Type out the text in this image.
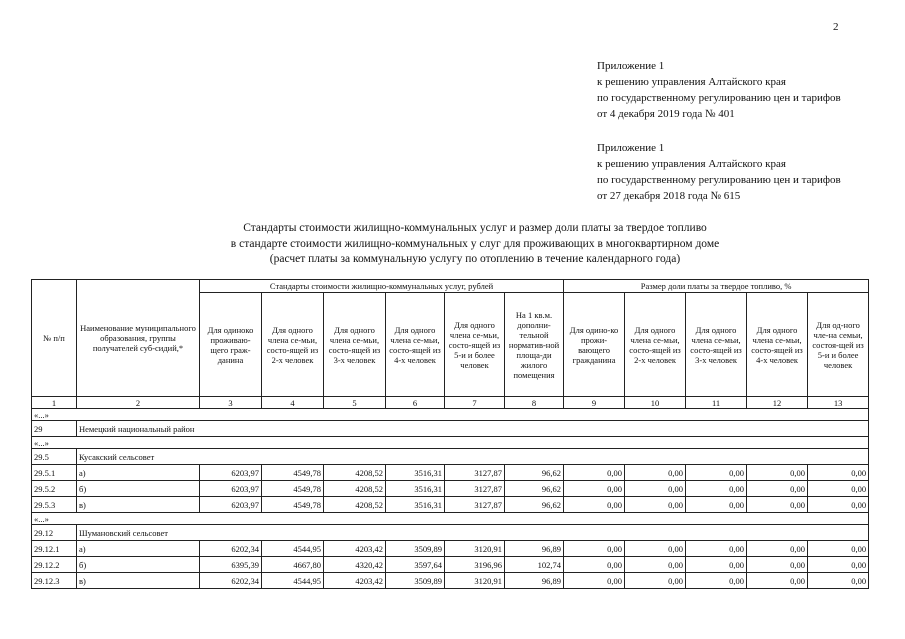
2
Приложение 1
к решению управления Алтайского края
по государственному регулированию цен и тарифов
от 4 декабря 2019 года № 401
Приложение 1
к решению управления Алтайского края
по государственному регулированию цен и тарифов
от 27 декабря 2018 года № 615
Стандарты стоимости жилищно-коммунальных услуг и размер доли платы за твердое топливо
в стандарте стоимости жилищно-коммунальных у слуг для проживающих в многоквартирном доме
(расчет платы за коммунальную услугу по отоплению в течение календарного года)
№ п/п	Наименование муниципального образования, группы получателей суб-сидий,*	Стандарты стоимости жилищно-коммунальных услуг, рублей						Размер доли платы за твердое топливо, %				
		Для одиноко проживаю-щего граж-данина	Для одного члена се-мьи, состо-ящей из 2-х человек	Для одного члена се-мьи, состо-ящей из 3-х человек	Для одного члена се-мьи, состо-ящей из 4-х человек	Для одного члена се-мьи, состо-ящей из 5-и и более человек	На 1 кв.м. дополни-тельной норматив-ной площа-ди жилого помещения	Для одино-ко прожи-вающего гражданина	Для одного члена се-мьи, состо-ящей из 2-х человек	Для одного члена се-мьи, состо-ящей из 3-х человек	Для одного члена се-мьи, состо-ящей из 4-х человек	Для од-ного чле-на семьи, состоя-щей из 5-и и более человек
1	2	3	4	5	6	7	8	9	10	11	12	13
«...»												
29	Немецкий национальный район											
«...»												
29.5	Кусакский сельсовет											
29.5.1	а)	6203,97	4549,78	4208,52	3516,31	3127,87	96,62	0,00	0,00	0,00	0,00	0,00
29.5.2	б)	6203,97	4549,78	4208,52	3516,31	3127,87	96,62	0,00	0,00	0,00	0,00	0,00
29.5.3	в)	6203,97	4549,78	4208,52	3516,31	3127,87	96,62	0,00	0,00	0,00	0,00	0,00
«...»												
29.12	Шумановский сельсовет											
29.12.1	а)	6202,34	4544,95	4203,42	3509,89	3120,91	96,89	0,00	0,00	0,00	0,00	0,00
29.12.2	б)	6395,39	4667,80	4320,42	3597,64	3196,96	102,74	0,00	0,00	0,00	0,00	0,00
29.12.3	в)	6202,34	4544,95	4203,42	3509,89	3120,91	96,89	0,00	0,00	0,00	0,00	0,00
